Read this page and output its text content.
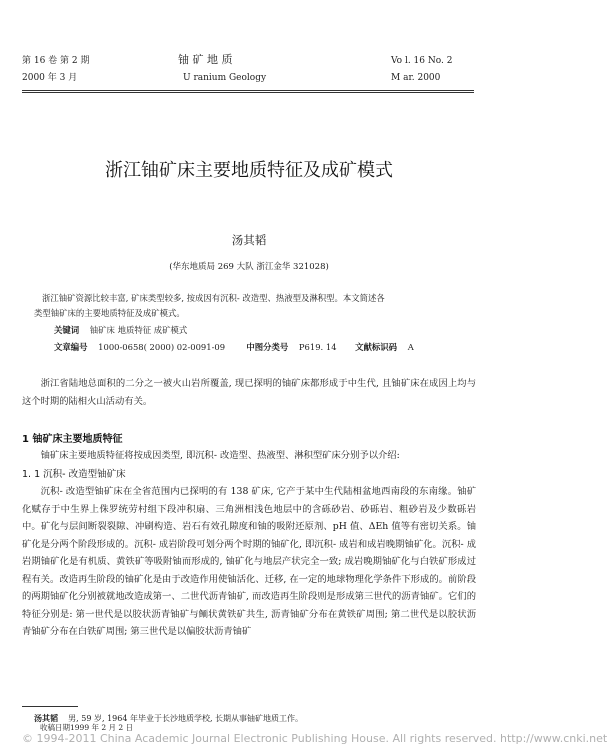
第 16 卷 第 2 期
2000 年 3 月
铀 矿 地 质
U ranium Geology
Vo l. 16 No. 2
M ar. 2000
浙江铀矿床主要地质特征及成矿模式
汤其韬
(华东地质局 269 大队 浙江金华 321028)
浙江铀矿资源比较丰富, 矿床类型较多, 按成因有沉积- 改造型、热液型及淋积型。本文简述各
类型铀矿床的主要地质特征及成矿模式。
关键词 铀矿床 地质特征 成矿模式
文章编号 1000-0658( 2000) 02-0091-09	中图分类号 P619. 14 文献标识码 A

浙江省陆地总面积的二分之一被火山岩所覆盖, 现已探明的铀矿床都形成于中生代, 且铀矿床在成因上均与这个时期的陆相火山活动有关。

1 铀矿床主要地质特征

铀矿床主要地质特征将按成因类型, 即沉积- 改造型、热液型、淋积型矿床分别予以介绍:

1. 1 沉积- 改造型铀矿床

沉积- 改造型铀矿床在全省范围内已探明的有 138 矿床, 它产于某中生代陆相盆地西南段的东南缘。铀矿化赋存于中生界上侏罗统劳村组下段冲积扇、三角洲相浅色地层中的含砾砂岩、砂砾岩、粗砂岩及少数砾岩中。矿化与层间断裂裂隙、冲刷构造、岩石有效孔隙度和铀的吸附还原剂、pH 值、ΔEh 值等有密切关系。铀矿化是分两个阶段形成的。沉积- 成岩阶段可划分两个时期的铀矿化, 即沉积- 成岩和成岩晚期铀矿化。沉积- 成岩期铀矿化是有机质、黄铁矿等吸附铀而形成的, 铀矿化与地层产状完全一致; 成岩晚期铀矿化与白铁矿形成过程有关。改造再生阶段的铀矿化是由于改造作用使铀活化、迁移, 在一定的地球物理化学条件下形成的。前阶段的两期铀矿化分别被就地改造成第一、二世代沥青铀矿, 而改造再生阶段则是形成第三世代的沥青铀矿。它们的特征分别是: 第一世代是以胶状沥青铀矿与鲕状黄铁矿共生, 沥青铀矿分布在黄铁矿周围; 第二世代是以胶状沥青铀矿分布在白铁矿周围; 第三世代是以偏胶状沥青铀矿

汤其韬 男, 59 岁, 1964 年毕业于长沙地质学校, 长期从事铀矿地质工作。
收稿日期1999 年 2 月 2 日
© 1994-2011 China Academic Journal Electronic Publishing House. All rights reserved. http://www.cnki.net
